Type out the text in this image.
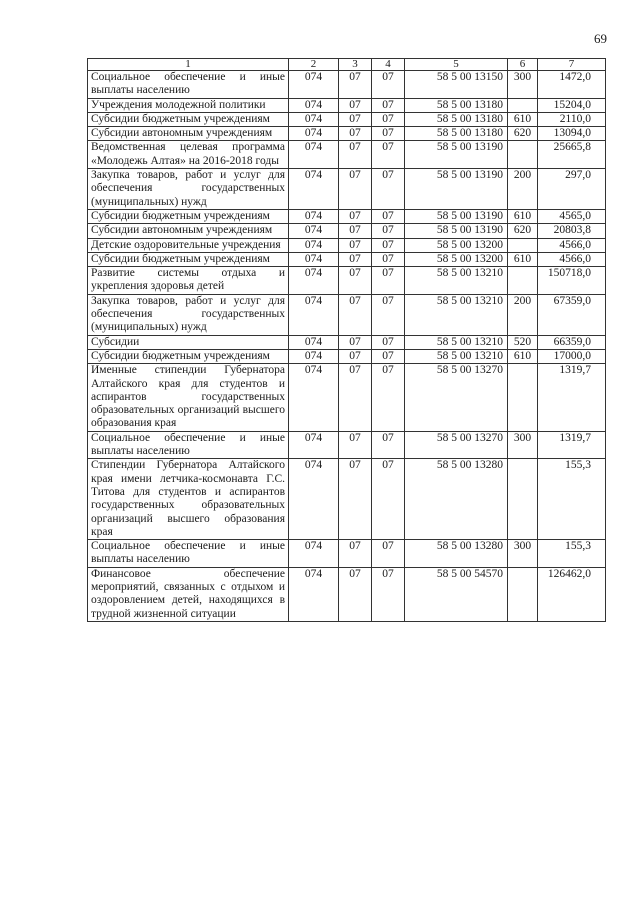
69
1	2	3	4	5	6	7
Социальное обеспечение и иные выплаты населению	074	07	07	58 5 00 13150	300	1472,0
Учреждения молодежной политики	074	07	07	58 5 00 13180		15204,0
Субсидии бюджетным учреждениям	074	07	07	58 5 00 13180	610	2110,0
Субсидии автономным учреждениям	074	07	07	58 5 00 13180	620	13094,0
Ведомственная целевая программа «Молодежь Алтая» на 2016-2018 годы	074	07	07	58 5 00 13190		25665,8
Закупка товаров, работ и услуг для обеспечения государственных (муниципальных) нужд	074	07	07	58 5 00 13190	200	297,0
Субсидии бюджетным учреждениям	074	07	07	58 5 00 13190	610	4565,0
Субсидии автономным учреждениям	074	07	07	58 5 00 13190	620	20803,8
Детские оздоровительные учреждения	074	07	07	58 5 00 13200		4566,0
Субсидии бюджетным учреждениям	074	07	07	58 5 00 13200	610	4566,0
Развитие системы отдыха и укрепления здоровья детей	074	07	07	58 5 00 13210		150718,0
Закупка товаров, работ и услуг для обеспечения государственных (муниципальных) нужд	074	07	07	58 5 00 13210	200	67359,0
Субсидии	074	07	07	58 5 00 13210	520	66359,0
Субсидии бюджетным учреждениям	074	07	07	58 5 00 13210	610	17000,0
Именные стипендии Губернатора Алтайского края для студентов и аспирантов государственных образовательных организаций высшего образования края	074	07	07	58 5 00 13270		1319,7
Социальное обеспечение и иные выплаты населению	074	07	07	58 5 00 13270	300	1319,7
Стипендии Губернатора Алтайского края имени летчика-космонавта Г.С. Титова для студентов и аспирантов государственных образовательных организаций высшего образования края	074	07	07	58 5 00 13280		155,3
Социальное обеспечение и иные выплаты населению	074	07	07	58 5 00 13280	300	155,3
Финансовое обеспечение мероприятий, связанных с отдыхом и оздоровлением детей, находящихся в трудной жизненной ситуации	074	07	07	58 5 00 54570		126462,0
